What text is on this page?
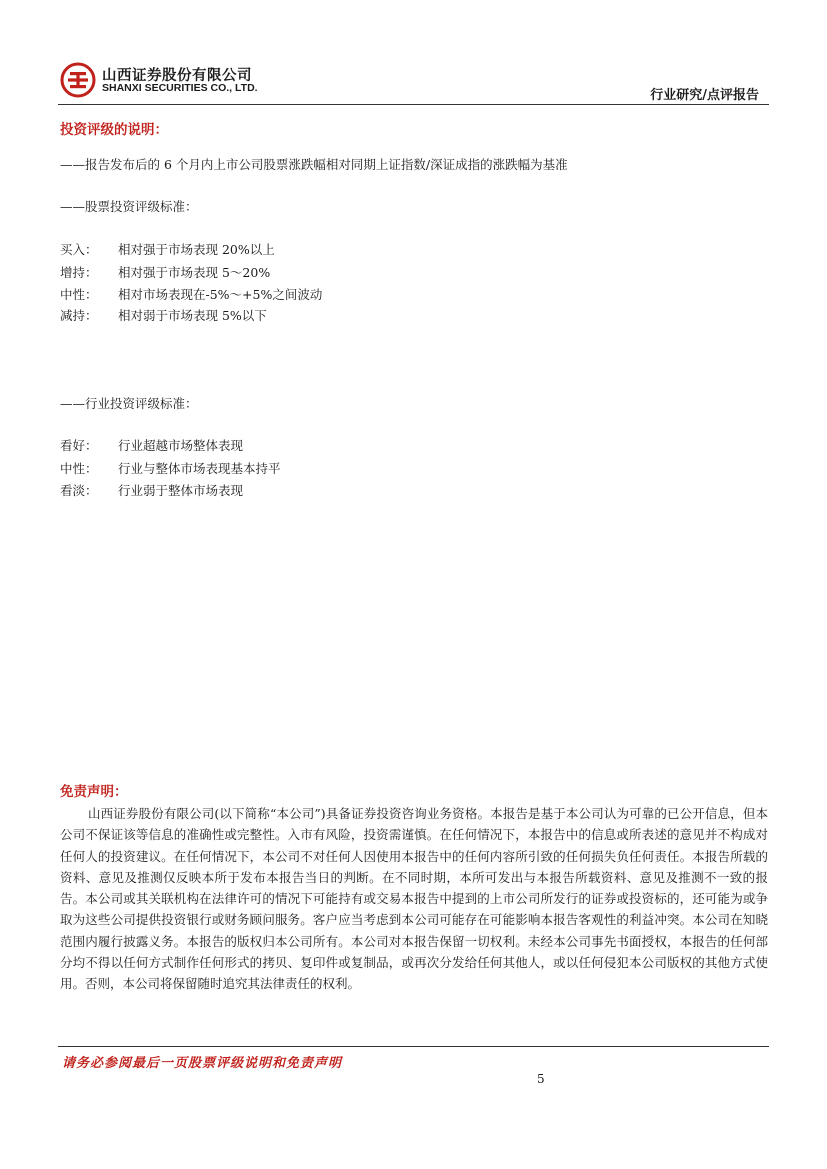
山西证券股份有限公司
SHANXI SECURITIES CO., LTD.	行业研究/点评报告
投资评级的说明：
——报告发布后的 6 个月内上市公司股票涨跌幅相对同期上证指数/深证成指的涨跌幅为基准
——股票投资评级标准：
买入： 相对强于市场表现 20%以上
增持： 相对强于市场表现 5～20%
中性： 相对市场表现在-5%～+5%之间波动
减持： 相对弱于市场表现 5%以下
——行业投资评级标准：
看好： 行业超越市场整体表现
中性： 行业与整体市场表现基本持平
看淡： 行业弱于整体市场表现
免责声明：
山西证券股份有限公司(以下简称“本公司”)具备证券投资咨询业务资格。本报告是基于本公司认为可靠的已公开信息，但本公司不保证该等信息的准确性或完整性。入市有风险，投资需谨慎。在任何情况下，本报告中的信息或所表述的意见并不构成对任何人的投资建议。在任何情况下，本公司不对任何人因使用本报告中的任何内容所引致的任何损失负任何责任。本报告所载的资料、意见及推测仅反映本所于发布本报告当日的判断。在不同时期，本所可发出与本报告所载资料、意见及推测不一致的报告。本公司或其关联机构在法律许可的情况下可能持有或交易本报告中提到的上市公司所发行的证券或投资标的，还可能为或争取为这些公司提供投资银行或财务顾问服务。客户应当考虑到本公司可能存在可能影响本报告客观性的利益冲突。本公司在知晓范围内履行披露义务。本报告的版权归本公司所有。本公司对本报告保留一切权利。未经本公司事先书面授权，本报告的任何部分均不得以任何方式制作任何形式的拷贝、复印件或复制品，或再次分发给任何其他人，或以任何侵犯本公司版权的其他方式使用。否则，本公司将保留随时追究其法律责任的权利。
请务必参阅最后一页股票评级说明和免责声明
5
